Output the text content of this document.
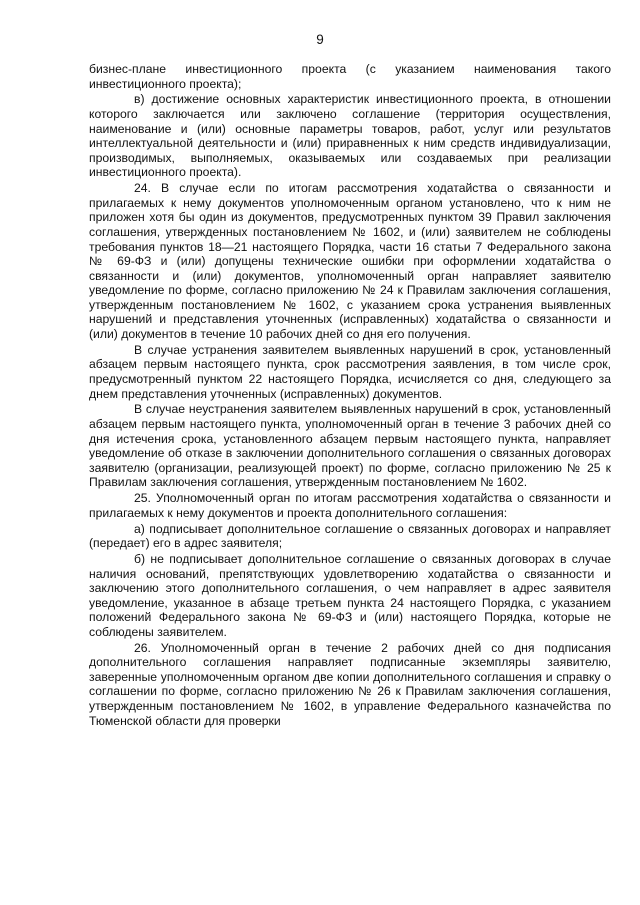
9

бизнес-плане инвестиционного проекта (с указанием наименования такого инвестиционного проекта);

в) достижение основных характеристик инвестиционного проекта, в отношении которого заключается или заключено соглашение (территория осуществления, наименование и (или) основные параметры товаров, работ, услуг или результатов интеллектуальной деятельности и (или) приравненных к ним средств индивидуализации, производимых, выполняемых, оказываемых или создаваемых при реализации инвестиционного проекта).

24. В случае если по итогам рассмотрения ходатайства о связанности и прилагаемых к нему документов уполномоченным органом установлено, что к ним не приложен хотя бы один из документов, предусмотренных пунктом 39 Правил заключения соглашения, утвержденных постановлением № 1602, и (или) заявителем не соблюдены требования пунктов 18—21 настоящего Порядка, части 16 статьи 7 Федерального закона № 69-ФЗ и (или) допущены технические ошибки при оформлении ходатайства о связанности и (или) документов, уполномоченный орган направляет заявителю уведомление по форме, согласно приложению № 24 к Правилам заключения соглашения, утвержденным постановлением № 1602, с указанием срока устранения выявленных нарушений и представления уточненных (исправленных) ходатайства о связанности и (или) документов в течение 10 рабочих дней со дня его получения.

В случае устранения заявителем выявленных нарушений в срок, установленный абзацем первым настоящего пункта, срок рассмотрения заявления, в том числе срок, предусмотренный пунктом 22 настоящего Порядка, исчисляется со дня, следующего за днем представления уточненных (исправленных) документов.

В случае неустранения заявителем выявленных нарушений в срок, установленный абзацем первым настоящего пункта, уполномоченный орган в течение 3 рабочих дней со дня истечения срока, установленного абзацем первым настоящего пункта, направляет уведомление об отказе в заключении дополнительного соглашения о связанных договорах заявителю (организации, реализующей проект) по форме, согласно приложению № 25 к Правилам заключения соглашения, утвержденным постановлением № 1602.

25. Уполномоченный орган по итогам рассмотрения ходатайства о связанности и прилагаемых к нему документов и проекта дополнительного соглашения:

а) подписывает дополнительное соглашение о связанных договорах и направляет (передает) его в адрес заявителя;

б) не подписывает дополнительное соглашение о связанных договорах в случае наличия оснований, препятствующих удовлетворению ходатайства о связанности и заключению этого дополнительного соглашения, о чем направляет в адрес заявителя уведомление, указанное в абзаце третьем пункта 24 настоящего Порядка, с указанием положений Федерального закона № 69-ФЗ и (или) настоящего Порядка, которые не соблюдены заявителем.

26. Уполномоченный орган в течение 2 рабочих дней со дня подписания дополнительного соглашения направляет подписанные экземпляры заявителю, заверенные уполномоченным органом две копии дополнительного соглашения и справку о соглашении по форме, согласно приложению № 26 к Правилам заключения соглашения, утвержденным постановлением № 1602, в управление Федерального казначейства по Тюменской области для проверки
